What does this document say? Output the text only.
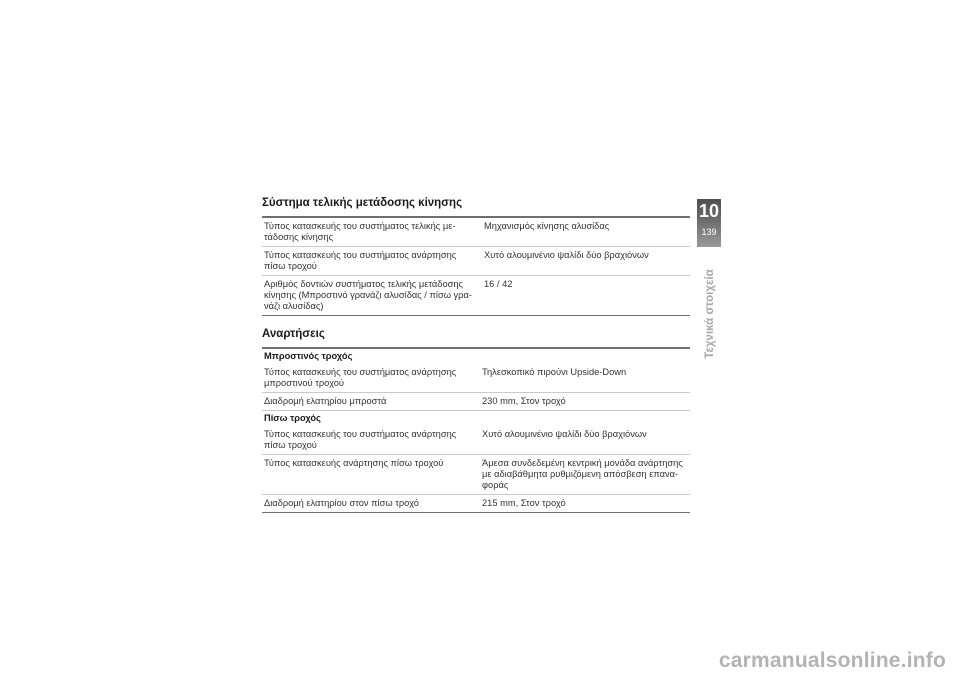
Σύστημα τελικής μετάδοσης κίνησης
Τύπος κατασκευής του συστήματος τελικής με-
τάδοσης κίνησης	Μηχανισμός κίνησης αλυσίδας
Τύπος κατασκευής του συστήματος ανάρτησης
πίσω τροχού	Χυτό αλουμινένιο ψαλίδι δύο βραχιόνων
Αριθμός δοντιών συστήματος τελικής μετάδοσης
κίνησης (Μπροστινό γρανάζι αλυσίδας / πίσω γρα-
νάζι αλυσίδας)	16 / 42
Αναρτήσεις
Μπροστινός τροχός	
Τύπος κατασκευής του συστήματος ανάρτησης
μπροστινού τροχού	Τηλεσκοπικό πιρούνι Upside-Down
Διαδρομή ελατηρίου μπροστά	230 mm, Στον τροχό
Πίσω τροχός	
Τύπος κατασκευής του συστήματος ανάρτησης
πίσω τροχού	Χυτό αλουμινένιο ψαλίδι δύο βραχιόνων
Τύπος κατασκευής ανάρτησης πίσω τροχού	Άμεσα συνδεδεμένη κεντρική μονάδα ανάρτησης
με αδιαβάθμητα ρυθμιζόμενη απόσβεση επανα-
φοράς
Διαδρομή ελατηρίου στον πίσω τροχό	215 mm, Στον τροχό
10
139
Τεχνικά στοιχεία
carmanualsonline.info
